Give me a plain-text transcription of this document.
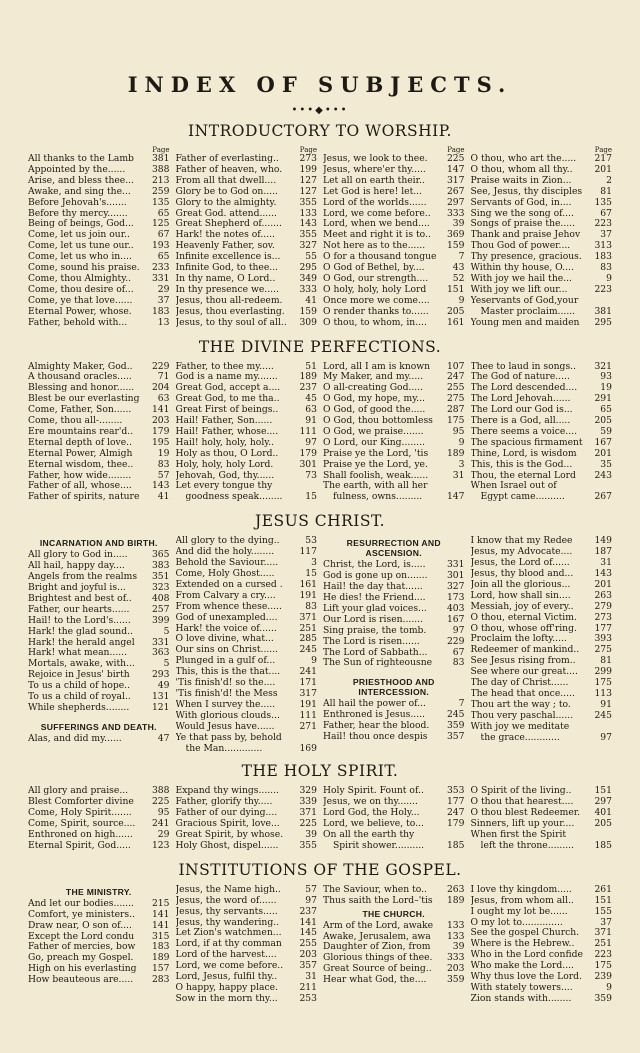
INDEX OF SUBJECTS.
•••◆•••
INTRODUCTORY TO WORSHIP.
Page
All thanks to the Lamb	381
Appointed by the......	388
Arise, and bless thee...	213
Awake, and sing the...	259
Before Jehovah's.......	135
Before thy mercy.......	65
Being of beings, God...	125
Come, let us join our..	67
Come, let us tune our..	193
Come, let us who in....	65
Come, sound his praise.	233
Come, thou Almighty..	331
Come, thou desire of...	29
Come, ye that love......	37
Eternal Power, whose.	183
Father, behold with...	13
Page
Father of everlasting..	273
Father of heaven, who.	199
From all that dwell....	127
Glory be to God on.....	127
Glory to the almighty.	355
Great God. attend......	133
Great Shepherd of.......	143
Hark! the notes of.....	355
Heavenly Father, sov.	327
Infinite excellence is...	55
Infinite God, to thee...	295
In thy name, O Lord..	349
In thy presence we.....	333
Jesus, thou all-redeem.	41
Jesus, thou everlasting.	159
Jesus, to thy soul of all..	309
Page
Jesus, we look to thee.	225
Jesus, where'er thy.....	147
Let all on earth their..	317
Let God is here! let...	267
Lord of the worlds......	297
Lord, we come before..	333
Lord, when we bend....	39
Meet and right it is to..	369
Not here as to the......	159
O for a thousand tongue	7
O God of Bethel, by....	43
O God, our strength....	52
O holy, holy, holy Lord	151
Once more we come....	9
O render thanks to......	205
O thou, to whom, in....	161
Page
O thou, who art the.....	217
O thou, whom all thy..	201
Praise waits in Zion...	2
See, Jesus, thy disciples	81
Servants of God, in....	135
Sing we the song of....	67
Songs of praise the.....	223
Thank and praise Jehov	37
Thou God of power....	313
Thy presence, gracious.	183
Within thy house, O....	83
With joy we hail the...	9
With joy we lift our...	223
Yeservants of God,your
Master proclaim......	381
Young men and maiden	295
THE DIVINE PERFECTIONS.
Almighty Maker, God..	229
A thousand oracles.....	71
Blessing and honor......	204
Blest be our everlasting	63
Come, Father, Son......	141
Come, thou all-........	203
Ere mountains rear'd..	179
Eternal depth of love..	195
Eternal Power, Almigh	19
Eternal wisdom, thee..	83
Father, how wide........	57
Father of all, whose....	143
Father of spirits, nature	41
Father, to thee my.....	51
God is a name my.......	189
Great God, accept a....	237
Great God, to me tha..	45
Great First of beings..	63
Hail! Father, Son......	91
Hail! Father, whose....	111
Hail! holy, holy, holy..	97
Holy as thou, O Lord..	179
Holy, holy, holy Lord.	301
Jehovah, God, thy......	73
Let every tongue thy
goodness speak........	15
Lord, all I am is known	107
My Maker, and my.....	247
O all-creating God.....	255
O God, my hope, my...	275
O God, of good the.....	287
O God, thou bottomless	175
O God, we praise.......	95
O Lord, our King........	9
Praise ye the Lord, 'tis	189
Praise ye the Lord, ye.	3
Shall foolish, weak......	31
The earth, with all her
fulness, owns.........	147
Thee to laud in songs..	321
The God of nature.....	93
The Lord descended....	19
The Lord Jehovah......	291
The Lord our God is...	65
There is a God, all.....	205
There seems a voice....	59
The spacious firmament	167
Thine, Lord, is wisdom	201
This, this is the God...	35
Thou, the eternal Lord	243
When Israel out of
Egypt came..........	267
JESUS CHRIST.
INCARNATION AND BIRTH.
All glory to God in.....	365
All hail, happy day....	383
Angels from the realms	351
Bright and joyful is...	323
Brightest and best of..	408
Father, our hearts......	257
Hail! to the Lord's......	399
Hark! the glad sound..	5
Hark! the herald angel	331
Hark! what mean......	363
Mortals, awake, with...	5
Rejoice in Jesus' birth	293
To us a child of hope..	49
To us a child of royal..	131
While shepherds........	121
SUFFERINGS AND DEATH.
Alas, and did my......	47
All glory to the dying..	53
And did the holy........	117
Behold the Saviour.....	3
Come, Holy Ghost.....	15
Extended on a cursed .	161
From Calvary a cry....	191
From whence these.....	83
God of unexampled....	371
Hark! the voice of......	251
O love divine, what...	285
Our sins on Christ......	245
Plunged in a gulf of...	9
This, this is the that....	241
'Tis finish'd! so the....	171
'Tis finish'd! the Mess	317
When I survey the.....	191
With glorious clouds...	111
Would Jesus have......	271
Ye that pass by, behold
the Man.............	169
RESURRECTION AND ASCENSION.
Christ, the Lord, is.....	331
God is gone up on.......	301
Hail! the day that......	327
He dies! the Friend....	173
Lift your glad voices...	403
Our Lord is risen.......	167
Sing praise, the tomb.	97
The Lord is risen......	229
The Lord of Sabbath...	67
The Sun of righteousne	83
PRIESTHOOD AND INTERCESSION.
All hail the power of...	7
Enthroned is Jesus.....	245
Father, hear the blood.	359
Hail! thou once despis	357
I know that my Redee	149
Jesus, my Advocate....	187
Jesus, the Lord of......	31
Jesus, thy blood and...	143
Join all the glorious...	201
Lord, how shall sin....	263
Messiah, joy of every..	279
O thou, eternal Victim.	273
O thou, whose off'ring.	177
Proclaim the lofty.....	393
Redeemer of mankind..	275
See Jesus rising from..	81
See where our great....	299
The day of Christ......	175
The head that once.....	113
Thou art the way ; to.	91
Thou very paschal......	245
With joy we meditate
the grace............	97
THE HOLY SPIRIT.
All glory and praise...	388
Blest Comforter divine	225
Come, Holy Spirit.......	95
Come, Spirit, source....	241
Enthroned on high......	29
Eternal Spirit, God.....	123
Expand thy wings.......	329
Father, glorify thy.....	339
Father of our dying....	371
Gracious Spirit, love...	225
Great Spirit, by whose.	39
Holy Ghost, dispel......	355
Holy Spirit. Fount of..	353
Jesus, we on thy.......	177
Lord God, the Holy...	247
Lord, we believe, to...	179
On all the earth thy
Spirit shower..........	185
O Spirit of the living..	151
O thou that hearest....	297
O thou blest Redeemer.	401
Sinners, lift up your....	205
When first the Spirit
left the throne.........	185
INSTITUTIONS OF THE GOSPEL.
THE MINISTRY.
And let our bodies.......	215
Comfort, ye ministers..	141
Draw near, O son of....	141
Except the Lord condu	315
Father of mercies, bow	183
Go, preach my Gospel.	189
High on his everlasting	157
How beauteous are.....	283
Jesus, the Name high..	57
Jesus, the word of......	97
Jesus, thy servants.....	237
Jesus, thy wandering..	141
Let Zion's watchmen...	145
Lord, if at thy comman	255
Lord of the harvest....	203
Lord, we come before..	357
Lord, Jesus, fulfil thy..	31
O happy, happy place.	211
Sow in the morn thy...	253
The Saviour, when to..	263
Thus saith the Lord–'tis	189
THE CHURCH.
Arm of the Lord, awake	133
Awake, Jerusalem, awa	133
Daughter of Zion, from	39
Glorious things of thee.	333
Great Source of being..	203
Hear what God, the....	359
I love thy kingdom.....	261
Jesus, from whom all..	151
I ought my lot be......	155
O my lot to..............	37
See the gospel Church.	371
Where is the Hebrew..	251
Who in the Lord confide	223
Who make the Lord....	175
Why thus love the Lord.	239
With stately towers....	9
Zion stands with........	359
